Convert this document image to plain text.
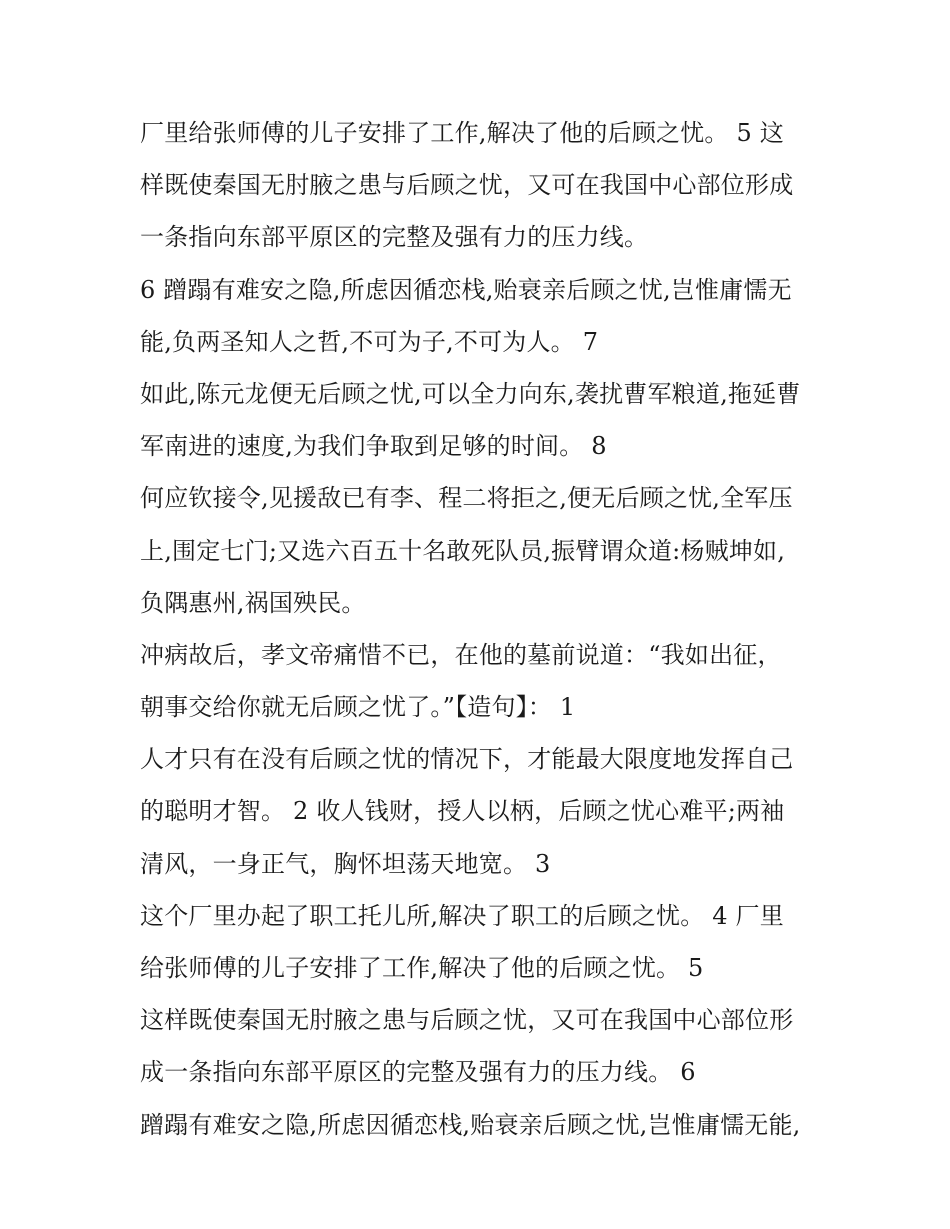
厂里给张师傅的儿子安排了工作,解决了他的后顾之忧。 5 这
样既使秦国无肘腋之患与后顾之忧，又可在我国中心部位形成
一条指向东部平原区的完整及强有力的压力线。
6 蹭蹋有难安之隐,所虑因循恋栈,贻衰亲后顾之忧,岂惟庸懦无
能,负两圣知人之哲,不可为子,不可为人。 7
如此,陈元龙便无后顾之忧,可以全力向东,袭扰曹军粮道,拖延曹
军南进的速度,为我们争取到足够的时间。 8
何应钦接令,见援敌已有李、程二将拒之,便无后顾之忧,全军压
上,围定七门;又选六百五十名敢死队员,振臂谓众道:杨贼坤如,
负隅惠州,祸国殃民。
冲病故后，孝文帝痛惜不已，在他的墓前说道：“我如出征，
朝事交给你就无后顾之忧了。”【造句】： 1
人才只有在没有后顾之忧的情况下，才能最大限度地发挥自己
的聪明才智。 2 收人钱财，授人以柄，后顾之忧心难平;两袖
清风，一身正气，胸怀坦荡天地宽。 3
这个厂里办起了职工托儿所,解决了职工的后顾之忧。 4 厂里
给张师傅的儿子安排了工作,解决了他的后顾之忧。 5
这样既使秦国无肘腋之患与后顾之忧，又可在我国中心部位形
成一条指向东部平原区的完整及强有力的压力线。 6
蹭蹋有难安之隐,所虑因循恋栈,贻衰亲后顾之忧,岂惟庸懦无能,
